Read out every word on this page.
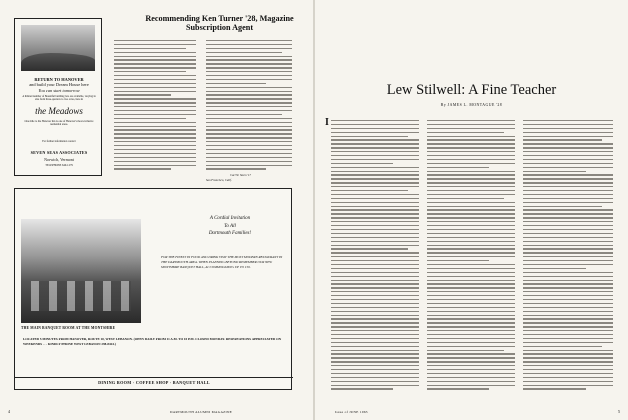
RETURN TO HANOVER
and build your Dream House here
You can start tomorrow
A limited number of Beautiful building lots are available, varying in size from three-quarters to two acres, here in
the Meadows
One mile to the Hanover Inn is one of Hanover's most exclusive residential areas.
For further information contact
SEVEN SEAS ASSOCIATES
Norwich, Vermont
TELEPHONE 649-1279
Recommending Ken Turner '28, Magazine Subscription Agent
Carl W. Steen '17
San Francisco, Calif.
A Cordial Invitation
To All
Dartmouth Families!
FOR THE FINEST IN FOOD AND DRINK VISIT THE MOST MODERN RESTAURANT IN THE DARTMOUTH AREA. WHEN PLANNING BEYOND REMEMBER OUR NEW MONTSHIRE BANQUET HALL, ACCOMMODATING UP TO 150.
THE MAIN BANQUET ROOM AT THE MONTSHIRE
LOCATED 5 MINUTES FROM HANOVER, ROUTE 10, WEST LEBANON. (OPEN DAILY FROM 11 A.M. TO 10 P.M. CLOSED MONDAY. RESERVATIONS APPRECIATED ON WEEKENDS . . . KINDLY PHONE WEST LEBANON 298-8424.)
DINING ROOM · COFFEE SHOP · BANQUET HALL
4	DARTMOUTH ALUMNI MAGAZINE
Lew Stilwell: A Fine Teacher
By JAMES L. MONTAGUE '28
I
Issue of JUNE 1963	5
